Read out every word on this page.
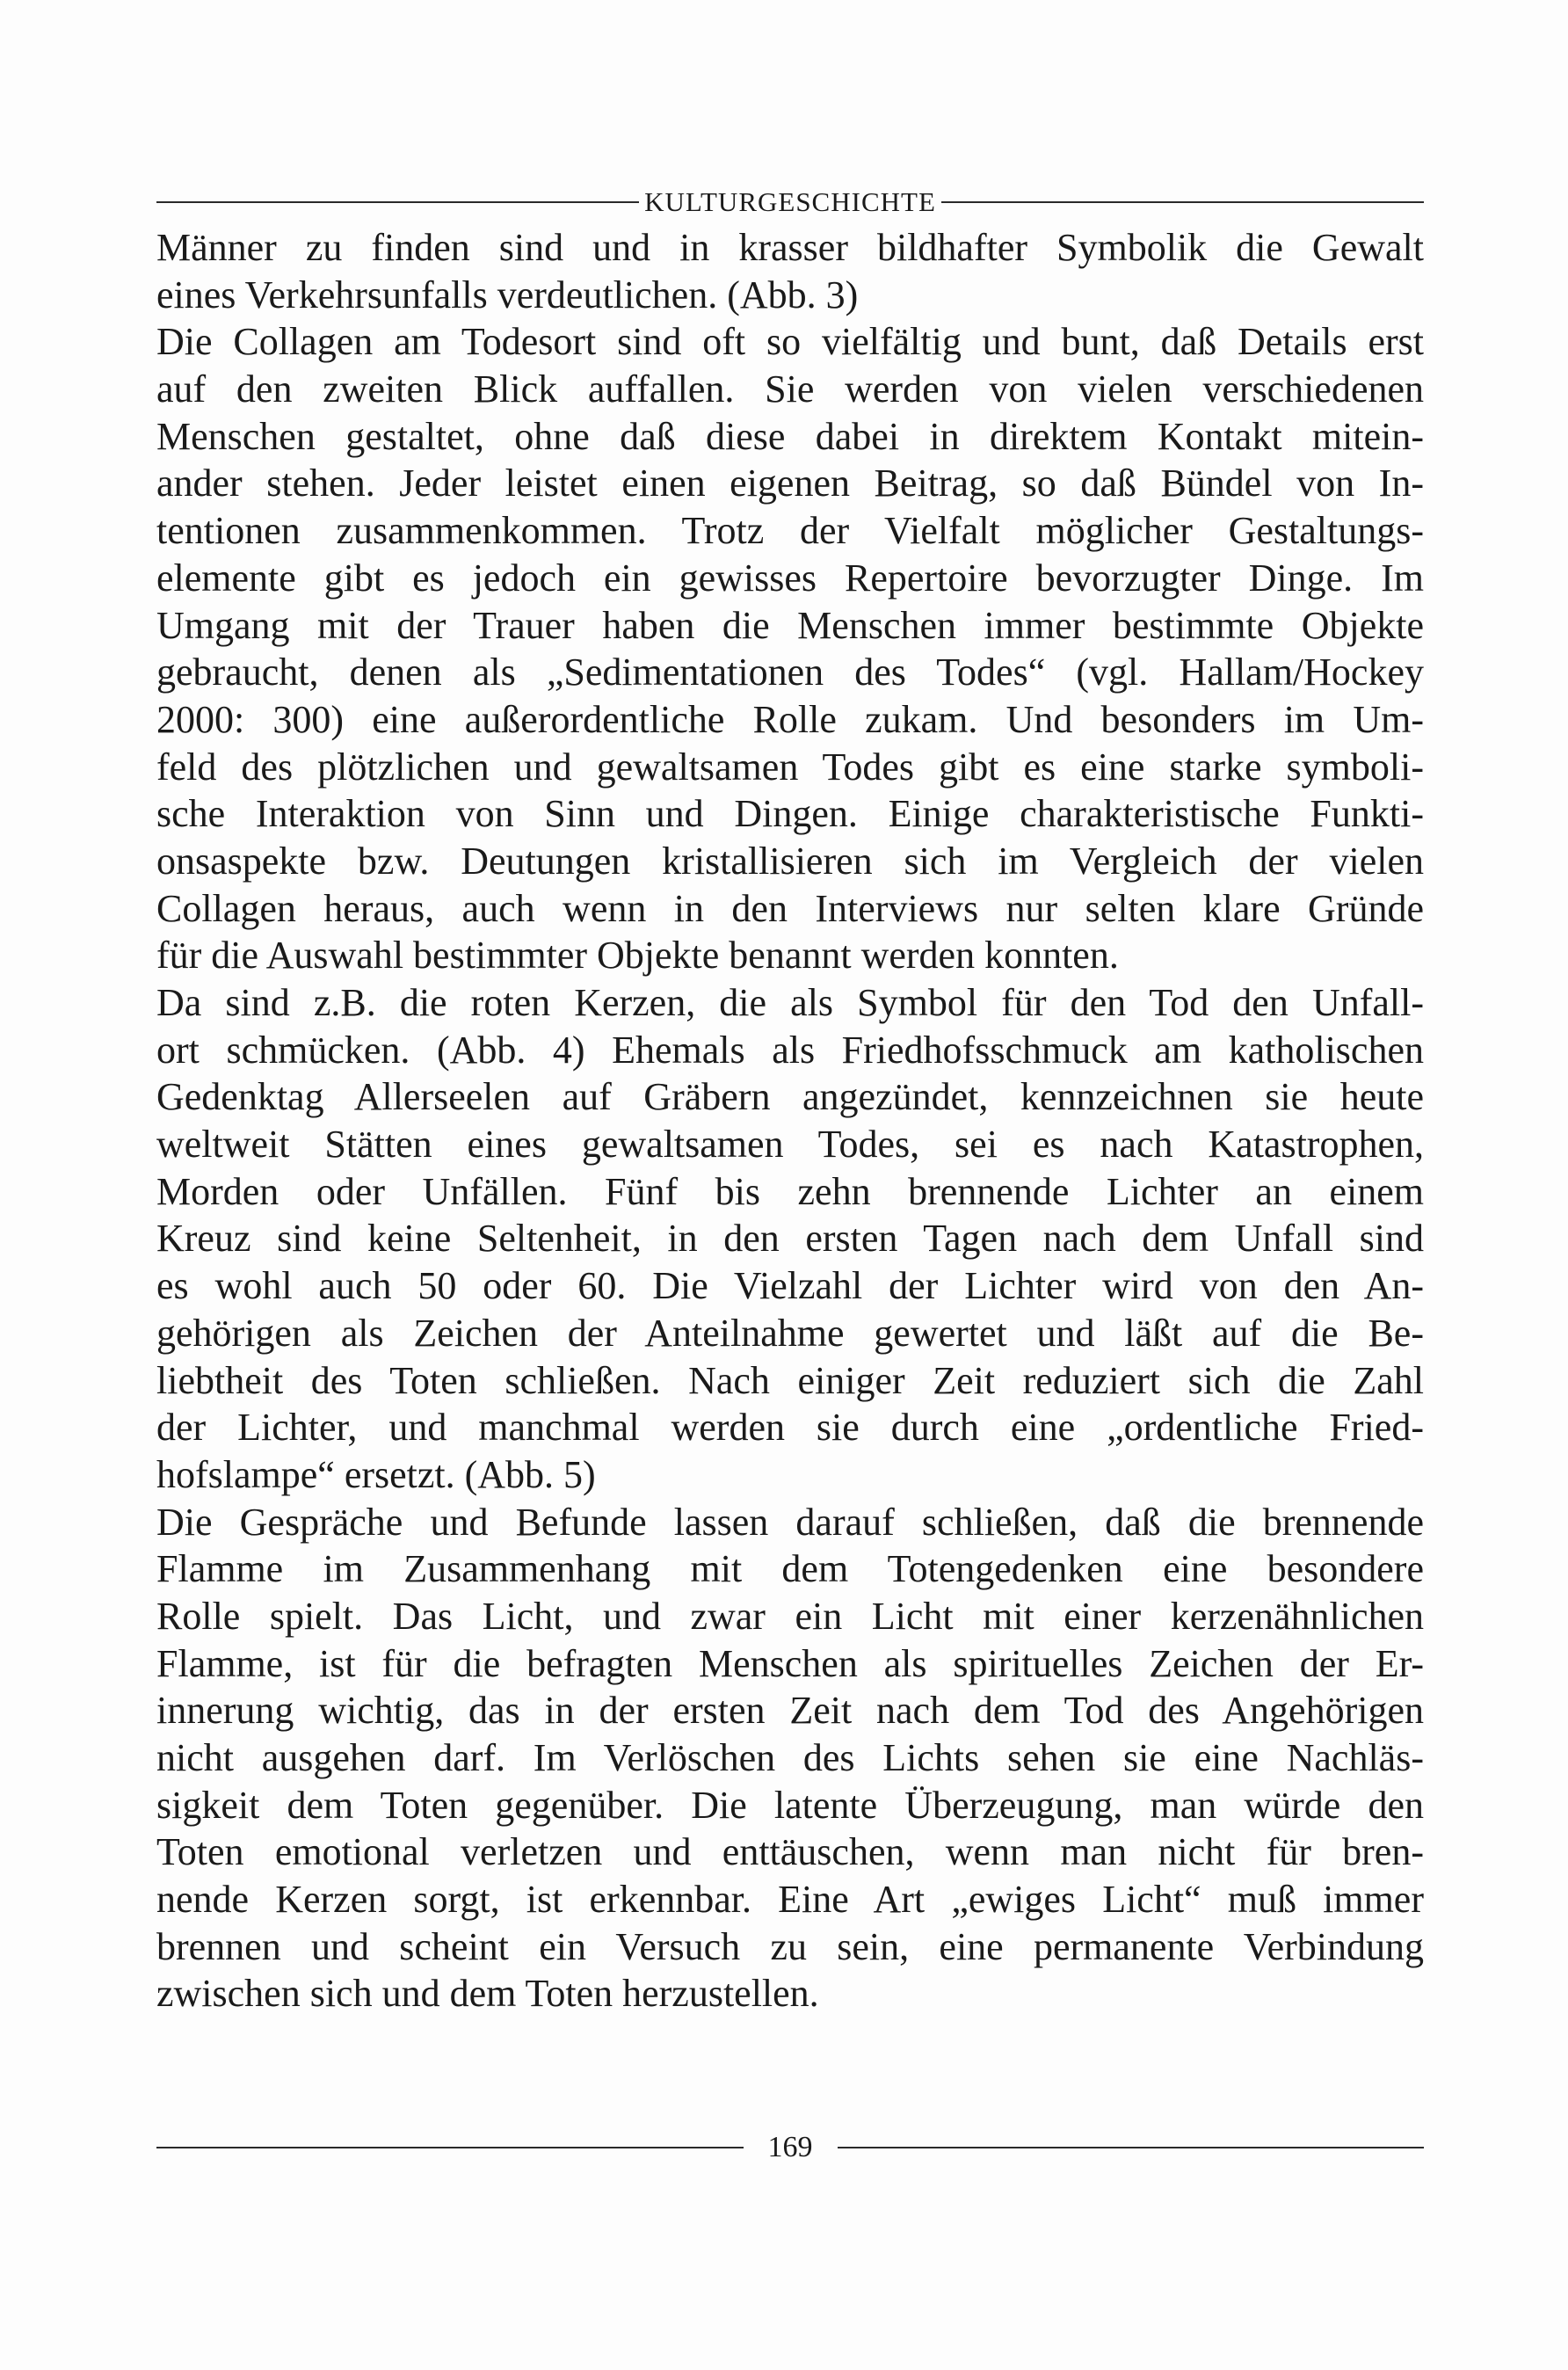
KULTURGESCHICHTE
Männer zu finden sind und in krasser bildhafter Symbolik die Gewalt
eines Verkehrsunfalls verdeutlichen. (Abb. 3)
Die Collagen am Todesort sind oft so vielfältig und bunt, daß Details erst
auf den zweiten Blick auffallen. Sie werden von vielen verschiedenen
Menschen gestaltet, ohne daß diese dabei in direktem Kontakt mitein-
ander stehen. Jeder leistet einen eigenen Beitrag, so daß Bündel von In-
tentionen zusammenkommen. Trotz der Vielfalt möglicher Gestaltungs-
elemente gibt es jedoch ein gewisses Repertoire bevorzugter Dinge. Im
Umgang mit der Trauer haben die Menschen immer bestimmte Objekte
gebraucht, denen als „Sedimentationen des Todes“ (vgl. Hallam/Hockey
2000: 300) eine außerordentliche Rolle zukam. Und besonders im Um-
feld des plötzlichen und gewaltsamen Todes gibt es eine starke symboli-
sche Interaktion von Sinn und Dingen. Einige charakteristische Funkti-
onsaspekte bzw. Deutungen kristallisieren sich im Vergleich der vielen
Collagen heraus, auch wenn in den Interviews nur selten klare Gründe
für die Auswahl bestimmter Objekte benannt werden konnten.
Da sind z.B. die roten Kerzen, die als Symbol für den Tod den Unfall-
ort schmücken. (Abb. 4) Ehemals als Friedhofsschmuck am katholischen
Gedenktag Allerseelen auf Gräbern angezündet, kennzeichnen sie heute
weltweit Stätten eines gewaltsamen Todes, sei es nach Katastrophen,
Morden oder Unfällen. Fünf bis zehn brennende Lichter an einem
Kreuz sind keine Seltenheit, in den ersten Tagen nach dem Unfall sind
es wohl auch 50 oder 60. Die Vielzahl der Lichter wird von den An-
gehörigen als Zeichen der Anteilnahme gewertet und läßt auf die Be-
liebtheit des Toten schließen. Nach einiger Zeit reduziert sich die Zahl
der Lichter, und manchmal werden sie durch eine „ordentliche Fried-
hofslampe“ ersetzt. (Abb. 5)
Die Gespräche und Befunde lassen darauf schließen, daß die brennende
Flamme im Zusammenhang mit dem Totengedenken eine besondere
Rolle spielt. Das Licht, und zwar ein Licht mit einer kerzenähnlichen
Flamme, ist für die befragten Menschen als spirituelles Zeichen der Er-
innerung wichtig, das in der ersten Zeit nach dem Tod des Angehörigen
nicht ausgehen darf. Im Verlöschen des Lichts sehen sie eine Nachläs-
sigkeit dem Toten gegenüber. Die latente Überzeugung, man würde den
Toten emotional verletzen und enttäuschen, wenn man nicht für bren-
nende Kerzen sorgt, ist erkennbar. Eine Art „ewiges Licht“ muß immer
brennen und scheint ein Versuch zu sein, eine permanente Verbindung
zwischen sich und dem Toten herzustellen.
169
